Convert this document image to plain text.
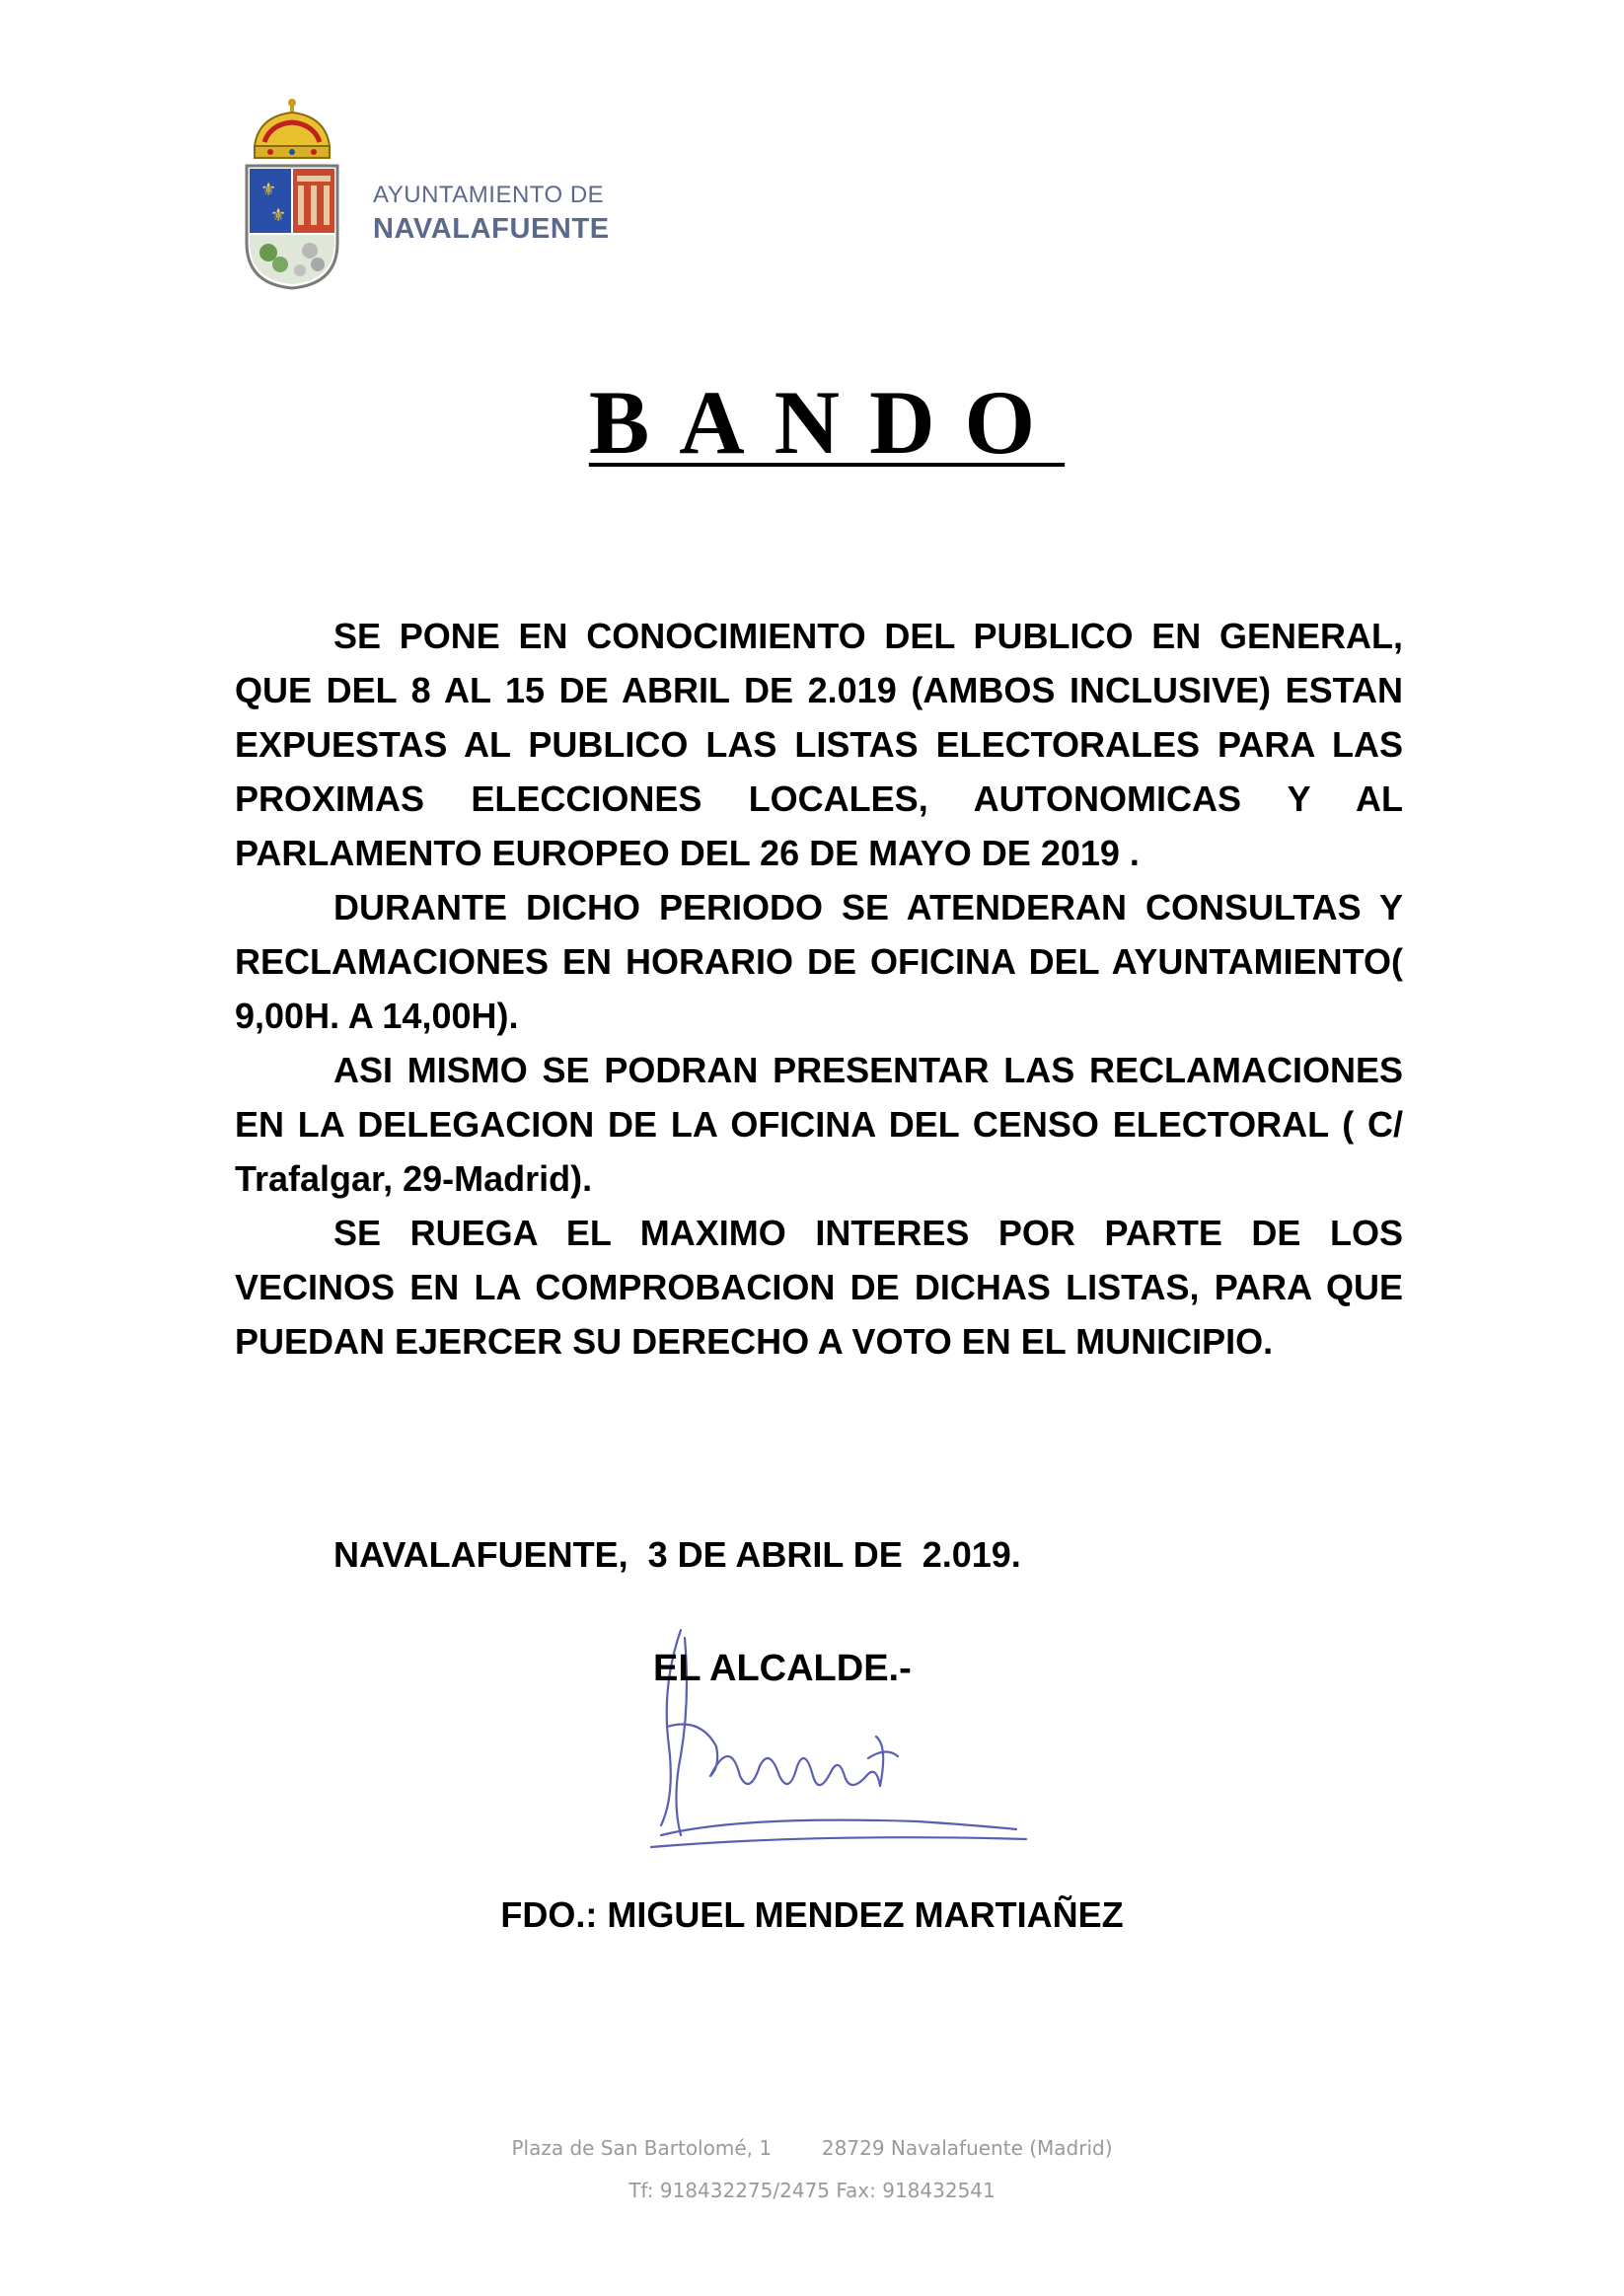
⚜
⚜
AYUNTAMIENTO DE
NAVALAFUENTE
BANDO

SE PONE EN CONOCIMIENTO DEL PUBLICO EN GENERAL, QUE DEL 8 AL 15 DE ABRIL DE 2.019 (AMBOS INCLUSIVE) ESTAN EXPUESTAS AL PUBLICO LAS LISTAS ELECTORALES PARA LAS PROXIMAS ELECCIONES LOCALES, AUTONOMICAS Y AL PARLAMENTO EUROPEO DEL 26 DE MAYO DE 2019 .

DURANTE DICHO PERIODO SE ATENDERAN CONSULTAS Y RECLAMACIONES EN HORARIO DE OFICINA DEL AYUNTAMIENTO( 9,00H. A 14,00H).

ASI MISMO SE PODRAN PRESENTAR LAS RECLAMACIONES EN LA DELEGACION DE LA OFICINA DEL CENSO ELECTORAL ( C/ Trafalgar, 29-Madrid).

SE RUEGA EL MAXIMO INTERES POR PARTE DE LOS VECINOS EN LA COMPROBACION DE DICHAS LISTAS, PARA QUE PUEDAN EJERCER SU DERECHO A VOTO EN EL MUNICIPIO.

NAVALAFUENTE,  3 DE ABRIL DE  2.019.
EL ALCALDE.-
FDO.: MIGUEL MENDEZ MARTIAÑEZ
Plaza de San Bartolomé, 1        28729 Navalafuente (Madrid)
Tf: 918432275/2475 Fax: 918432541
